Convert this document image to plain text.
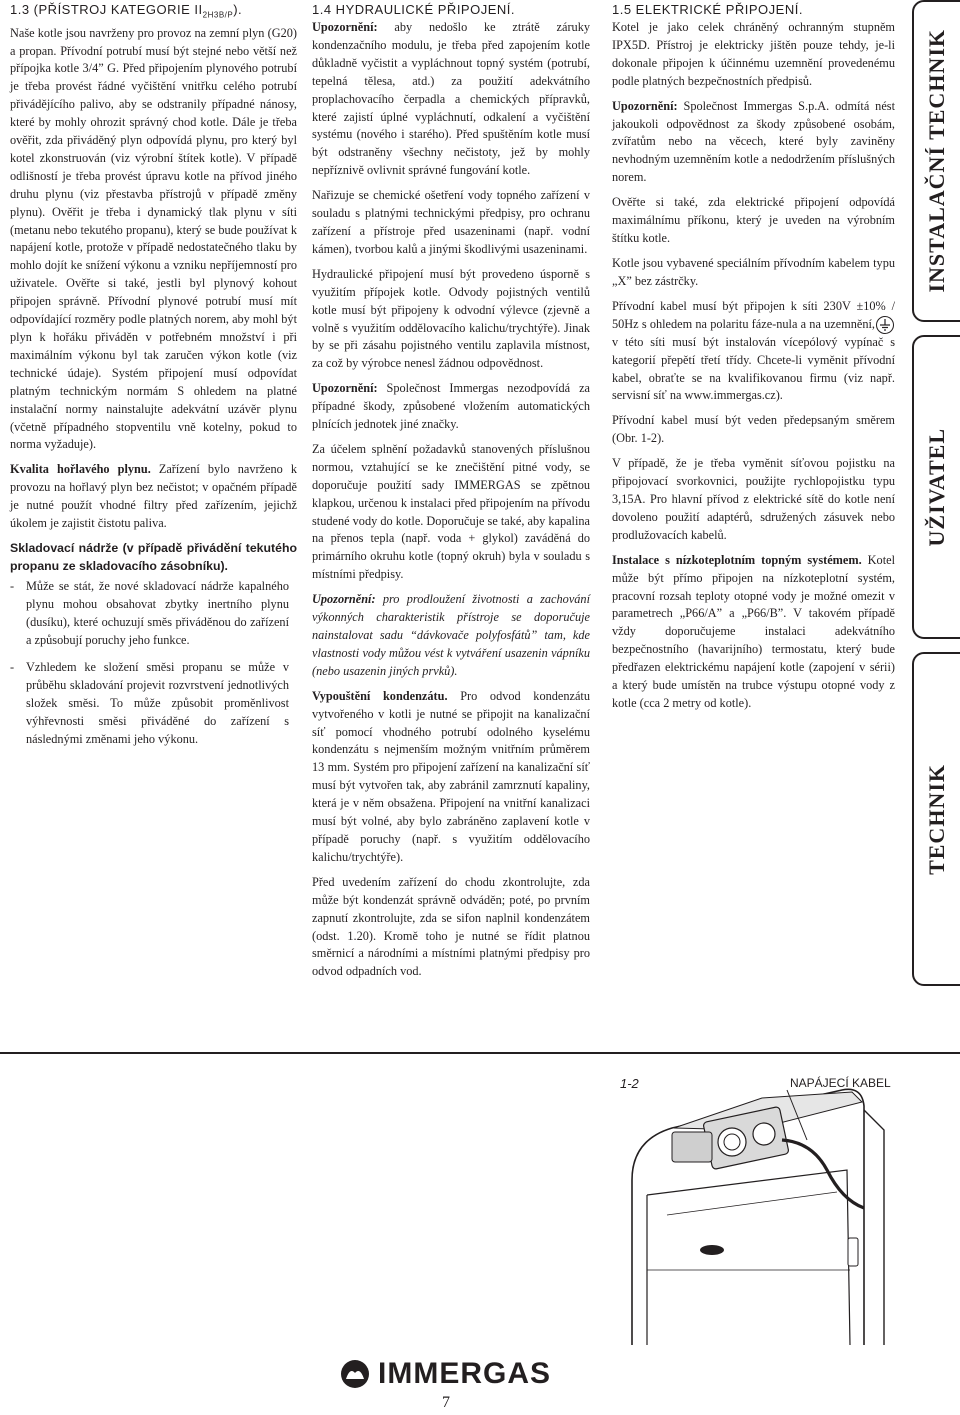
1.3 (PŘÍSTROJ KATEGORIE $II_{2H3B/P}$).

Naše kotle jsou navrženy pro provoz na zemní plyn (G20) a propan. Přívodní potrubí musí být stejné nebo větší než přípojka kotle 3/4” G. Před připojením plynového potrubí je třeba provést řádné vyčištění vnitřku celého potrubí přivádějícího palivo, aby se odstranily případné nánosy, které by mohly ohrozit správný chod kotle. Dále je třeba ověřit, zda přiváděný plyn odpovídá plynu, pro který byl kotel zkonstruován (viz výrobní štítek kotle). V případě odlišností je třeba provést úpravu kotle na přívod jiného druhu plynu (viz přestavba přístrojů v případě změny plynu). Ověřit je třeba i dynamický tlak plynu v síti (metanu nebo tekutého propanu), který se bude používat k napájení kotle, protože v případě nedostatečného tlaku by mohlo dojít ke snížení výkonu a vzniku nepříjemností pro uživatele. Ověřte si také, jestli byl plynový kohout připojen správně. Přívodní plynové potrubí musí mít odpovídající rozměry podle platných norem, aby mohl být plyn k hořáku přiváděn v potřebném množství i při maximálním výkonu byl tak zaručen výkon kotle (viz technické údaje). Systém připojení musí odpovídat platným technickým normám S ohledem na platné instalační normy nainstalujte adekvátní uzávěr plynu (včetně případného stopventilu vně kotelny, pokud to norma vyžaduje).

Kvalita hořlavého plynu. Zařízení bylo navrženo k provozu na hořlavý plyn bez nečistot; v opačném případě je nutné použít vhodné filtry před zařízením, jejichž úkolem je zajistit čistotu paliva.

Skladovací nádrže (v případě přivádění tekutého propanu ze skladovacího zásobníku).

- Může se stát, že nové skladovací nádrže kapalného plynu mohou obsahovat zbytky inertního plynu (dusíku), které ochuzují směs přiváděnou do zařízení a způsobují poruchy jeho funkce.
- Vzhledem ke složení směsi propanu se může v průběhu skladování projevit rozvrstvení jednotlivých složek směsi. To může způsobit proměnlivost výhřevnosti směsi přiváděné do zařízení s následnými změnami jeho výkonu.
1.4 HYDRAULICKÉ PŘIPOJENÍ.

Upozornění: aby nedošlo ke ztrátě záruky kondenzačního modulu, je třeba před zapojením kotle důkladně vyčistit a vypláchnout topný systém (potrubí, tepelná tělesa, atd.) za použití adekvátního proplachovacího čerpadla a chemických přípravků, které zajistí úplné vypláchnutí, odkalení a vyčištění systému (nového i starého). Před spuštěním kotle musí být odstraněny všechny nečistoty, jež by mohly nepříznivě ovlivnit správné fungování kotle.

Nařizuje se chemické ošetření vody topného zařízení v souladu s platnými technickými předpisy, pro ochranu zařízení a přístroje před usazeninami (např. vodní kámen), tvorbou kalů a jinými škodlivými usazeninami.

Hydraulické připojení musí být provedeno úsporně s využitím přípojek kotle. Odvody pojistných ventilů kotle musí být připojeny k odvodní výlevce (zjevně a volně s využitím oddělovacího kalichu/trychtýře). Jinak by se při zásahu pojistného ventilu zaplavila místnost, za což by výrobce nenesl žádnou odpovědnost.

Upozornění: Společnost Immergas nezodpovídá za případné škody, způsobené vložením automatických plnících jednotek jiné značky.

Za účelem splnění požadavků stanovených příslušnou normou, vztahující se ke znečištění pitné vody, se doporučuje použití sady IMMERGAS se zpětnou klapkou, určenou k instalaci před připojením na přívodu studené vody do kotle. Doporučuje se také, aby kapalina na přenos tepla (např. voda + glykol) zaváděná do primárního okruhu kotle (topný okruh) byla v souladu s místními předpisy.

Upozornění: pro prodloužení životnosti a zachování výkonných charakteristik přístroje se doporučuje nainstalovat sadu “dávkovače polyfosfátů” tam, kde vlastnosti vody můžou vést k vytváření usazenin vápníku (nebo usazenin jiných prvků).

Vypouštění kondenzátu. Pro odvod kondenzátu vytvořeného v kotli je nutné se připojit na kanalizační síť pomocí vhodného potrubí odolného kyselému kondenzátu s nejmenším možným vnitřním průměrem 13 mm. Systém pro připojení zařízení na kanalizační síť musí být vytvořen tak, aby zabránil zamrznutí kapaliny, která je v něm obsažena. Připojení na vnitřní kanalizaci musí být volné, aby bylo zabráněno zaplavení kotle v případě poruchy (např. s využitím oddělovacího kalichu/trychtýře).

Před uvedením zařízení do chodu zkontrolujte, zda může být kondenzát správně odváděn; poté, po prvním zapnutí zkontrolujte, zda se sifon naplnil kondenzátem (odst. 1.20). Kromě toho je nutné se řídit platnou směrnicí a národními a místními platnými předpisy pro odvod odpadních vod.

1.5 ELEKTRICKÉ PŘIPOJENÍ.

Kotel je jako celek chráněný ochranným stupněm IPX5D. Přístroj je elektricky jištěn pouze tehdy, je-li dokonale připojen k účinnému uzemnění provedenému podle platných bezpečnostních předpisů.

Upozornění: Společnost Immergas S.p.A. odmítá nést jakoukoli odpovědnost za škody způsobené osobám, zvířatům nebo na věcech, které byly zaviněny nevhodným uzemněním kotle a nedodržením příslušných norem.

Ověřte si také, zda elektrické připojení odpovídá maximálnímu příkonu, který je uveden na výrobním štítku kotle.

Kotle jsou vybavené speciálním přívodním kabelem typu „X” bez zástrčky.

Přívodní kabel musí být připojen k síti 230V ±10% / 50Hz s ohledem na polaritu fáze-nula a na uzemnění, v této síti musí být instalován vícepólový vypínač s kategorií přepětí třetí třídy. Chcete-li vyměnit přívodní kabel, obraťte se na kvalifikovanou firmu (viz např. servisní síť na www.immergas.cz).

Přívodní kabel musí být veden předepsaným směrem (Obr. 1-2).

V případě, že je třeba vyměnit síťovou pojistku na připojovací svorkovnici, použijte rychlopojistku typu 3,15A. Pro hlavní přívod z elektrické sítě do kotle není dovoleno použití adaptérů, sdružených zásuvek nebo prodlužovacích kabelů.

Instalace s nízkoteplotním topným systémem. Kotel může být přímo připojen na nízkoteplotní systém, pracovní rozsah teploty otopné vody je možné omezit v parametrech „P66/A” a „P66/B”. V takovém případě vždy doporučujeme instalaci adekvátního bezpečnostního (havarijního) termostatu, který bude předřazen elektrickému napájení kotle (zapojení v sérii) a který bude umístěn na trubce výstupu otopné vody z kotle (cca 2 metry od kotle).

INSTALAČNÍ TECHNIK
UŽIVATEL
TECHNIK
1-2	NAPÁJECÍ KABEL
IMMERGAS
7
